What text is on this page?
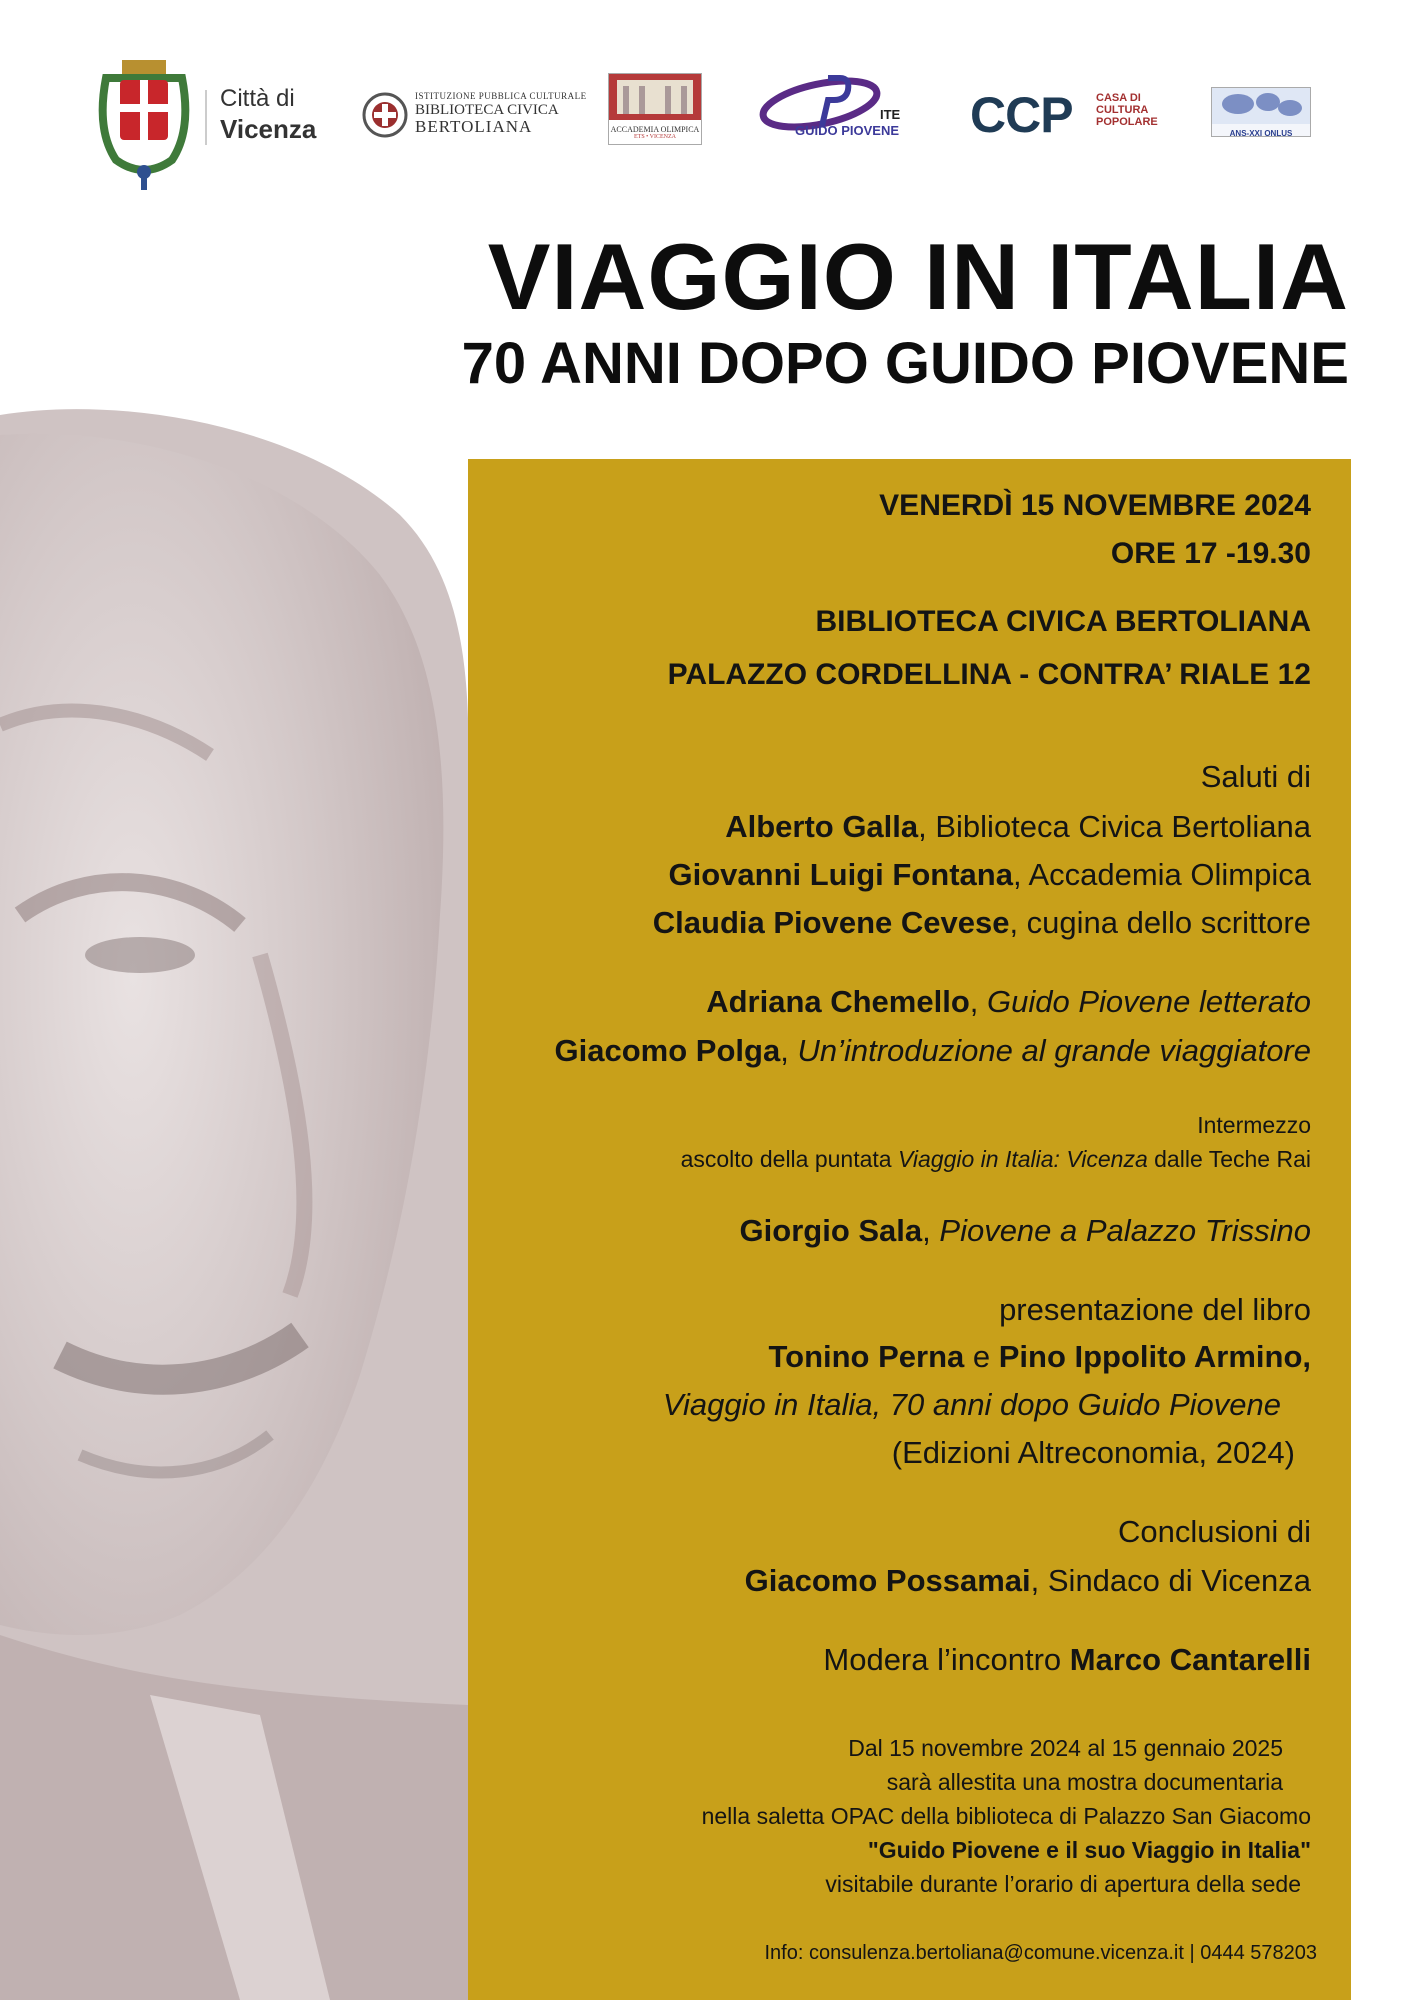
Città di
Vicenza
ISTITUZIONE PUBBLICA CULTURALE
BIBLIOTECA CIVICA
BERTOLIANA	ACCADEMIA OLIMPICA
ETS • VICENZA
ITE
GUIDO PIOVENE CCP CASA DI
CULTURA
POPOLARE
ANS-XXI ONLUS
VIAGGIO IN ITALIA
70 ANNI DOPO GUIDO PIOVENE
VENERDÌ 15 NOVEMBRE 2024
ORE 17 -19.30
BIBLIOTECA CIVICA BERTOLIANA
PALAZZO CORDELLINA - CONTRA’ RIALE 12
Saluti di
Alberto Galla, Biblioteca Civica Bertoliana
Giovanni Luigi Fontana, Accademia Olimpica
Claudia Piovene Cevese, cugina dello scrittore
Adriana Chemello, Guido Piovene letterato
Giacomo Polga, Un’introduzione al grande viaggiatore
Intermezzo
ascolto della puntata Viaggio in Italia: Vicenza dalle Teche Rai
Giorgio Sala, Piovene a Palazzo Trissino
presentazione del libro
Tonino Perna e Pino Ippolito Armino,
Viaggio in Italia, 70 anni dopo Guido Piovene
(Edizioni Altreconomia, 2024)
Conclusioni di
Giacomo Possamai, Sindaco di Vicenza
Modera l’incontro Marco Cantarelli
Dal 15 novembre 2024 al 15 gennaio 2025
sarà allestita una mostra documentaria
nella saletta OPAC della biblioteca di Palazzo San Giacomo
"Guido Piovene e il suo Viaggio in Italia"
visitabile durante l’orario di apertura della sede
Info: consulenza.bertoliana@comune.vicenza.it | 0444 578203
